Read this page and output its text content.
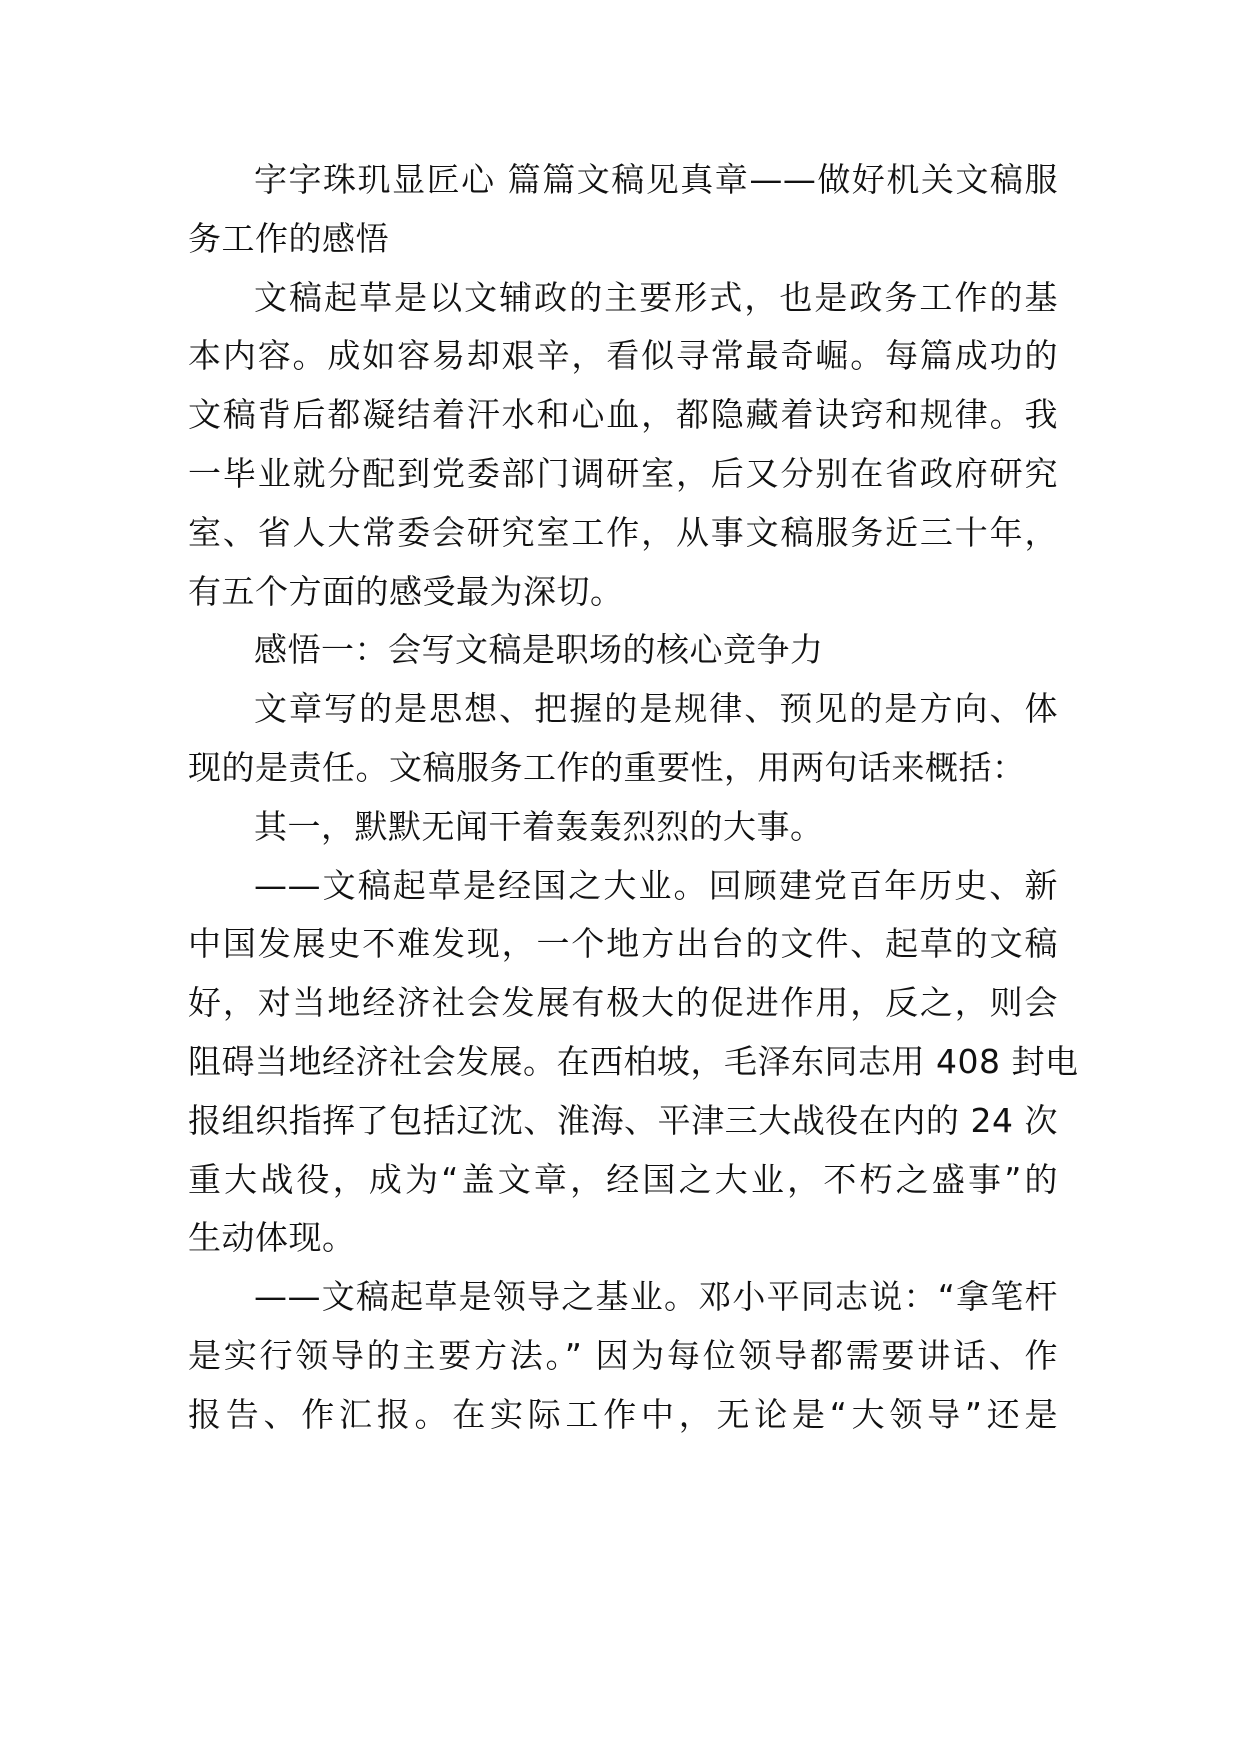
字字珠玑显匠心 篇篇文稿见真章——做好机关文稿服
务工作的感悟
文稿起草是以文辅政的主要形式，也是政务工作的基
本内容。成如容易却艰辛，看似寻常最奇崛。每篇成功的
文稿背后都凝结着汗水和心血，都隐藏着诀窍和规律。我
一毕业就分配到党委部门调研室，后又分别在省政府研究
室、省人大常委会研究室工作，从事文稿服务近三十年，
有五个方面的感受最为深切。
感悟一：会写文稿是职场的核心竞争力
文章写的是思想、把握的是规律、预见的是方向、体
现的是责任。文稿服务工作的重要性，用两句话来概括：
其一，默默无闻干着轰轰烈烈的大事。
——文稿起草是经国之大业。回顾建党百年历史、新
中国发展史不难发现，一个地方出台的文件、起草的文稿
好，对当地经济社会发展有极大的促进作用，反之，则会
阻碍当地经济社会发展。在西柏坡，毛泽东同志用 408 封电
报组织指挥了包括辽沈、淮海、平津三大战役在内的 24 次
重大战役，成为“盖文章，经国之大业，不朽之盛事”的
生动体现。
——文稿起草是领导之基业。邓小平同志说：“拿笔杆
是实行领导的主要方法。” 因为每位领导都需要讲话、作
报告、作汇报。在实际工作中，无论是“大领导”还是
